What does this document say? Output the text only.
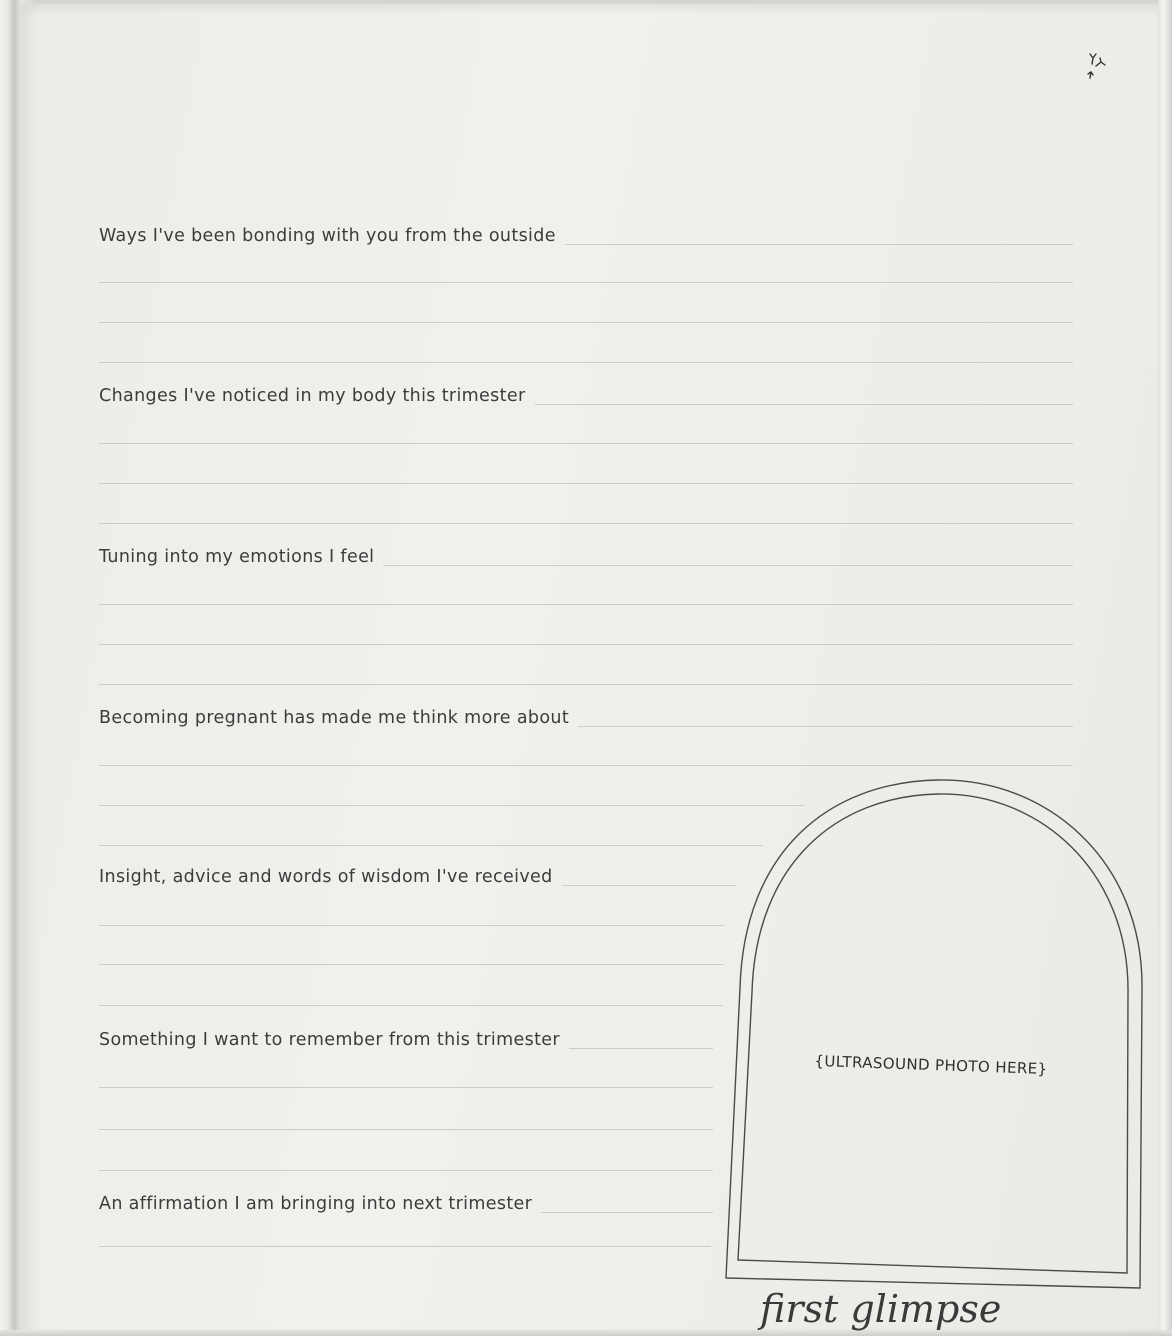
Ways I've been bonding with you from the outside
Changes I've noticed in my body this trimester
Tuning into my emotions I feel
Becoming pregnant has made me think more about
Insight, advice and words of wisdom I've received
Something I want to remember from this trimester
An affirmation I am bringing into next trimester
{ULTRASOUND PHOTO HERE}
first glimpse
